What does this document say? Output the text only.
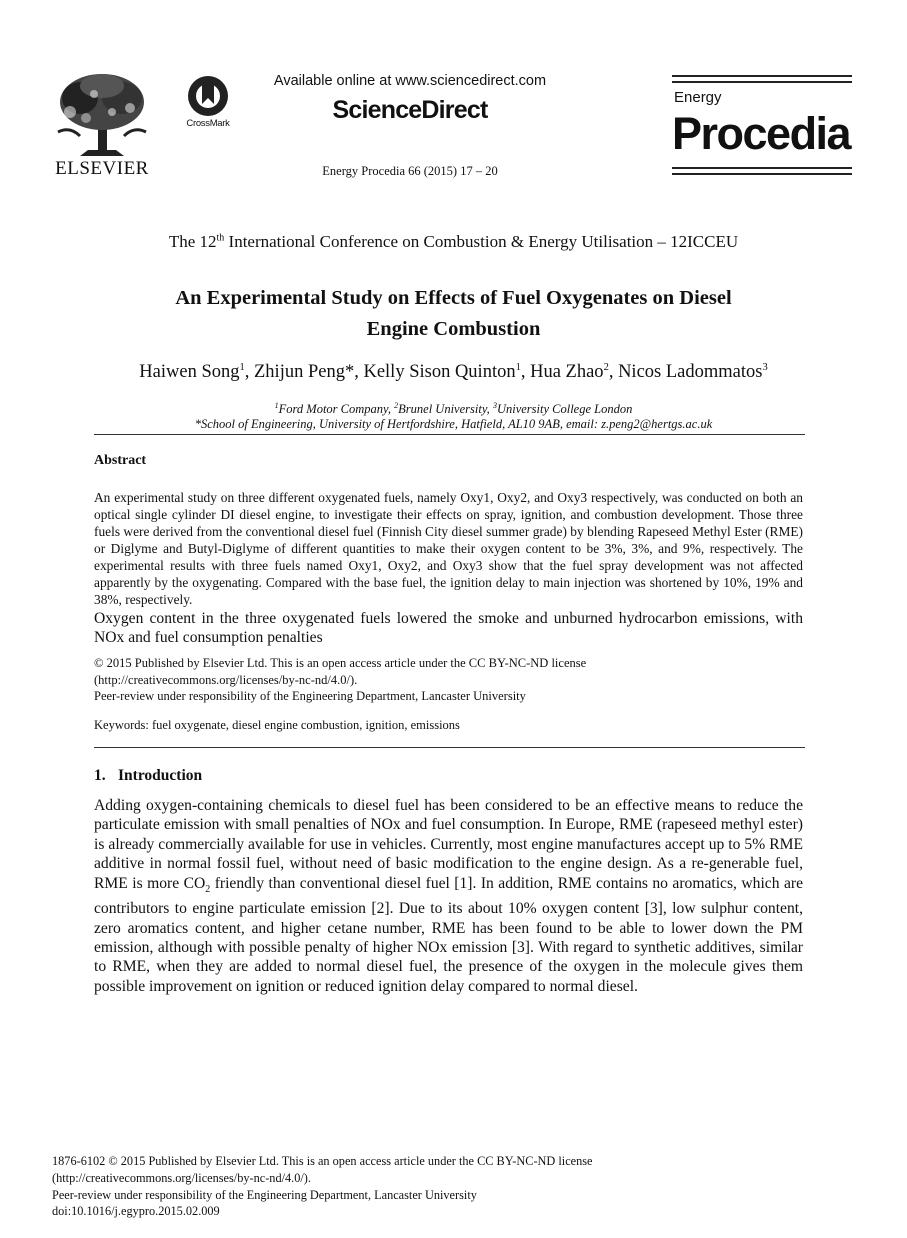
ELSEVIER
CrossMark
Available online at www.sciencedirect.com
ScienceDirect
Energy Procedia 66 (2015) 17 – 20
Energy
Procedia
The 12th International Conference on Combustion & Energy Utilisation – 12ICCEU
An Experimental Study on Effects of Fuel Oxygenates on Diesel
Engine Combustion
Haiwen Song$^1$, Zhijun Peng*, Kelly Sison Quinton$^1$, Hua Zhao$^2$, Nicos Ladommatos$^3$
$^1$Ford Motor Company, $^2$Brunel University, $^3$University College London
*School of Engineering, University of Hertfordshire, Hatfield, AL10 9AB, email: z.peng2@hertgs.ac.uk
Abstract
An experimental study on three different oxygenated fuels, namely Oxy1, Oxy2, and Oxy3 respectively, was conducted on both an optical single cylinder DI diesel engine, to investigate their effects on spray, ignition, and combustion development. Those three fuels were derived from the conventional diesel fuel (Finnish City diesel summer grade) by blending Rapeseed Methyl Ester (RME) or Diglyme and Butyl-Diglyme of different quantities to make their oxygen content to be 3%, 3%, and 9%, respectively. The experimental results with three fuels named Oxy1, Oxy2, and Oxy3 show that the fuel spray development was not affected apparently by the oxygenating. Compared with the base fuel, the ignition delay to main injection was shortened by 10%, 19% and 38%, respectively.
Oxygen content in the three oxygenated fuels lowered the smoke and unburned hydrocarbon emissions, with NOx and fuel consumption penalties
© 2015 Published by Elsevier Ltd. This is an open access article under the CC BY-NC-ND license
(http://creativecommons.org/licenses/by-nc-nd/4.0/).
Peer-review under responsibility of the Engineering Department, Lancaster University
Keywords: fuel oxygenate, diesel engine combustion, ignition, emissions
1. Introduction
Adding oxygen-containing chemicals to diesel fuel has been considered to be an effective means to reduce the particulate emission with small penalties of NOx and fuel consumption. In Europe, RME (rapeseed methyl ester) is already commercially available for use in vehicles. Currently, most engine manufactures accept up to 5% RME additive in normal fossil fuel, without need of basic modification to the engine design. As a re-generable fuel, RME is more $CO_2$ friendly than conventional diesel fuel [1]. In addition, RME contains no aromatics, which are contributors to engine particulate emission [2]. Due to its about 10% oxygen content [3], low sulphur content, zero aromatics content, and higher cetane number, RME has been found to be able to lower down the PM emission, although with possible penalty of higher NOx emission [3]. With regard to synthetic additives, similar to RME, when they are added to normal diesel fuel, the presence of the oxygen in the molecule gives them possible improvement on ignition or reduced ignition delay compared to normal diesel.
1876-6102 © 2015 Published by Elsevier Ltd. This is an open access article under the CC BY-NC-ND license
(http://creativecommons.org/licenses/by-nc-nd/4.0/).
Peer-review under responsibility of the Engineering Department, Lancaster University
doi:10.1016/j.egypro.2015.02.009
